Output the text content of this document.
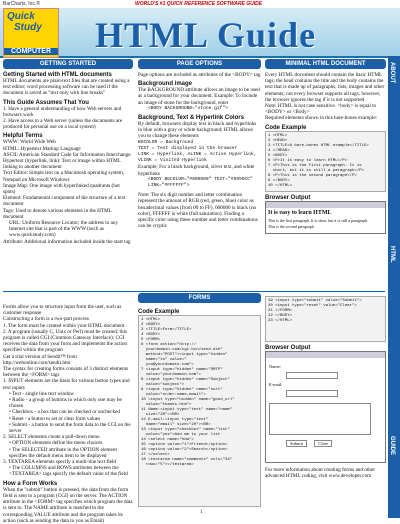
BarCharts, Inc.®	WORLD'S #1 QUICK REFERENCE SOFTWARE GUIDE
Quick
Study
COMPUTER HTML Guide
ABOUT
HTML
GUIDE
GETTING STARTED
Getting Started with HTML documents
HTML documents are plain-text files that are created using a text editor; word processing software can be used if the document is saved as "text only with line breaks"
This Guide Assumes That You
1. Have a general understanding of how Web servers and browsers work
2. Have access to a Web server (unless the documents are produced for personal use on a local system)
Helpful Terms
WWW: World Wide Web
HTML: Hypertext Markup Language
ASCII: American Standard Code for Information Interchange
Hypertext (hyperlink, link): Text or image within HTML linking to another document
Text Editor: Simple text on a Macintosh operating system, Notepad on Microsoft Windows
Image Map: One image with hyperlinked quadrants (hot spots)
Element: Fundamental component of the structure of a text document
Tags: Used to denote various elements in the HTML document
URL: Uniform Resource Locator; the address to any Internet site that is part of the WWW (such as www.quickstudy.com)
Attribute: Additional information included inside the start tag
PAGE OPTIONS
Page options are included as attributes of the <BODY> tag
Background image
The BACKGROUND attribute allows an image to be used as a background for your document. Example: To include an image of stone for the background, enter
<BODY BACKGROUND="stone.gif">
Background, Text & Hyperlink Colors
By default, browsers display text in black and hyperlinks in blue with a gray or white background; HTML allows you to change these elements
BGCOLOR = Background
TEXT = Text displayed in the browser
LINK = Hyperlink, ALINK = Active Hyperlink, VLINK = Visited Hyperlink
Example: For a black background, silver text, and white hyperlinks
<BODY BGCOLOR="#000000" TEXT="#9999CC" LINK="#FFFFFF">
Note: The six digit number and letter combination represent the amount of RGB (red, green, blue) color as hexadecimal values (from 00 to FF). 000000 is black (no color), FFFFFF is white (full saturation). Finding a specific color using these number and letter combinations can be cryptic
MINIMAL HTML DOCUMENT
Every HTML document should contain the basic HTML tags; the head contains the title and the body contains the text that is made up of paragraphs, lists, images and other elements; not every browser supports all tags; however, the browser ignores the tag if it is not supported
Note: HTML is not case sensitive. <body> is equal to <BODY> or <Body>
Required elements shown in this bare-bones example:
Code Example
1 <HTML>
2 <HEAD>
3 <TITLE>A bare-bones HTML example</TITLE>
4 </HEAD>
5 <BODY>
6 <P>It is easy to learn HTML</P>
7 <P>This is the first paragraph. It is
short, but it is still a paragraph</P>
8 <P>This is the second paragraph</P>
9 </BODY>
10 </HTML>
Browser Output
It is easy to learn HTML
This is the first paragraph. It is short, but it is still a paragraph.
This is the second paragraph.
FORMS
Forms allow you to structure input from the user, such as customer response
Constructing a form is a two-part process
1. The form must be created within your HTML document
2. A program (usually C, Unix or Perl) must be created; this program is called CGI (Common Gateway Interface); CGI receives the data from your form and implements the action specified within the program
Get a trial version of Sendit™ from http://webonline.com/sendit.htm
The syntax for creating forms consists of 3 distinct elements between the <FORM> tags
1. INPUT elements are the basis for various button types and text inputs
• Text - single line text window
• Radio - a group of buttons in which only one may be chosen
• Checkbox - a box that can be checked or unchecked
• Reset - a button to set or clear form values
• Submit - a button to send the form data to the CGI on the server
2. SELECT elements create a pull-down menu
• OPTION elements define the menu choices
• The SELECTED attribute in the OPTION element specifies the default menu item to be displayed
3. TEXTAREA elements specify a multi-line text field
• The COLUMNS and ROWS attributes between the <TEXTAREA> tags specify the default value of the field
How a Form Works
When the "submit" button is pressed, the data from the form field is sent to a program (CGI) on the server. The ACTION attribute in the <FORM> tag specifies which program the data is sent to. The NAME attribute is matched to the corresponding VALUE attribute and the program takes its action (such as sending the data to you as Email)
Code Example
1 <HTML>
2 <BODY>
3 <TITLE>Form</TITLE>
4 <BODY>
5 <FORM>
6 <form action="http://
yourdomain.com/cgi-bin/send.exe"
method="POST"><input type="hidden"
name="to" value="
you@yourdomain.com">
7 <input type="hidden" name="SMTP"
value="yourdomain.com">
8 <input type="hidden" name="Subject"
value="subject">
9 <input type="hidden" name="sort"
value="order:name,email">
10 <input type="hidden" name="good_url"
value="thanks.htm">
11 Name:<input type="text" name="name"
size="20"><BR>
12 E-mail:<input type="text"
name="email" size="20"><BR>
13 <input type="checkbox" name="list"
value="yes">Add me to your list
14 <select name="how">
15 <option value="1">Friend</option>
16 <option value="2">Search</option>
17 </select>
18 <textarea name="comments" cols="34"
rows="5"></textarea>
19 <input type="submit" value="Submit">
20 <input type="reset" value="Clear">
21 </FORM>
22 </BODY>
23 </HTML>
Browser Output
Name:
E-mail:
Submit	Clear
For more information about creating forms and other advanced HTML coding, visit www.developer.com
1
